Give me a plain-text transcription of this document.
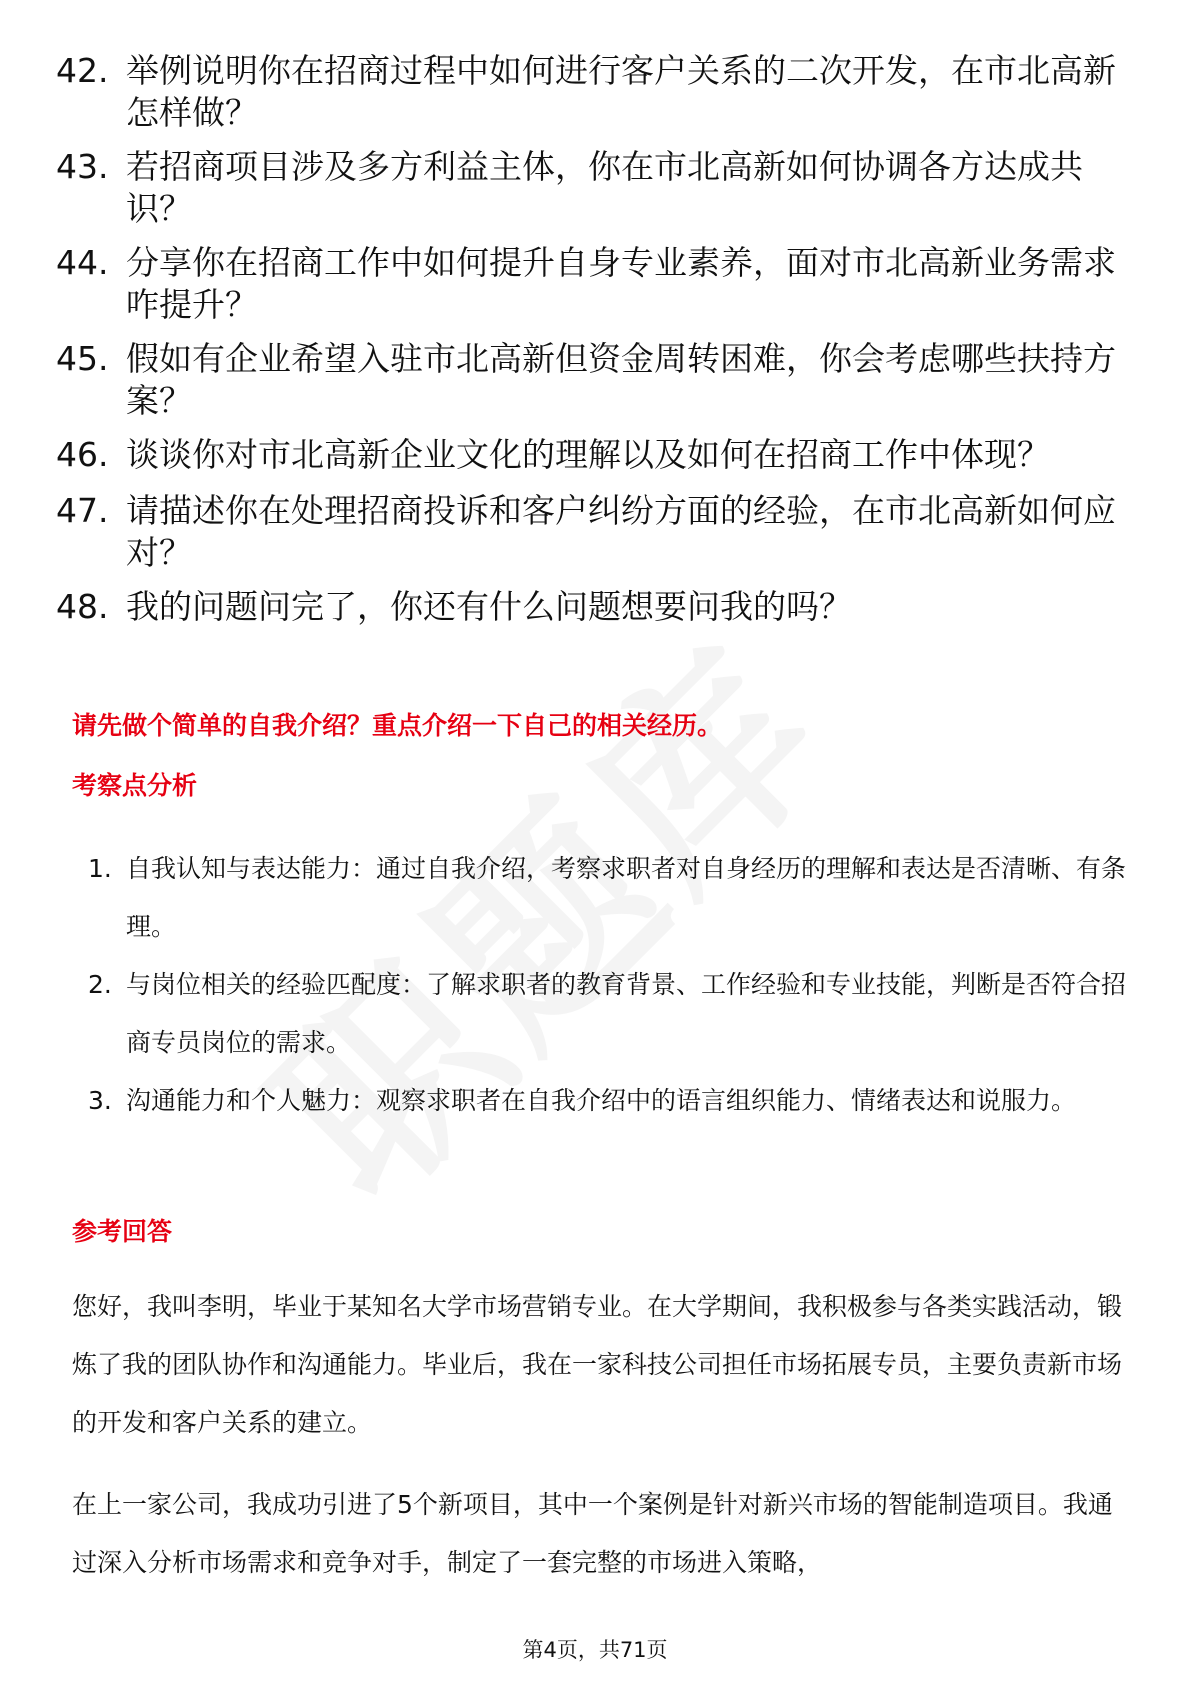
42. 举例说明你在招商过程中如何进行客户关系的二次开发，在市北高新怎样做？
43. 若招商项目涉及多方利益主体，你在市北高新如何协调各方达成共识？
44. 分享你在招商工作中如何提升自身专业素养，面对市北高新业务需求咋提升？
45. 假如有企业希望入驻市北高新但资金周转困难，你会考虑哪些扶持方案？
46. 谈谈你对市北高新企业文化的理解以及如何在招商工作中体现？
47. 请描述你在处理招商投诉和客户纠纷方面的经验，在市北高新如何应对？
48. 我的问题问完了，你还有什么问题想要问我的吗？
请先做个简单的自我介绍？重点介绍一下自己的相关经历。
考察点分析
1. 自我认知与表达能力：通过自我介绍，考察求职者对自身经历的理解和表达是否清晰、有条理。
2. 与岗位相关的经验匹配度：了解求职者的教育背景、工作经验和专业技能，判断是否符合招商专员岗位的需求。
3. 沟通能力和个人魅力：观察求职者在自我介绍中的语言组织能力、情绪表达和说服力。
参考回答
您好，我叫李明，毕业于某知名大学市场营销专业。在大学期间，我积极参与各类实践活动，锻炼了我的团队协作和沟通能力。毕业后，我在一家科技公司担任市场拓展专员，主要负责新市场的开发和客户关系的建立。
在上一家公司，我成功引进了5个新项目，其中一个案例是针对新兴市场的智能制造项目。我通过深入分析市场需求和竞争对手，制定了一套完整的市场进入策略，
第4页，共71页
